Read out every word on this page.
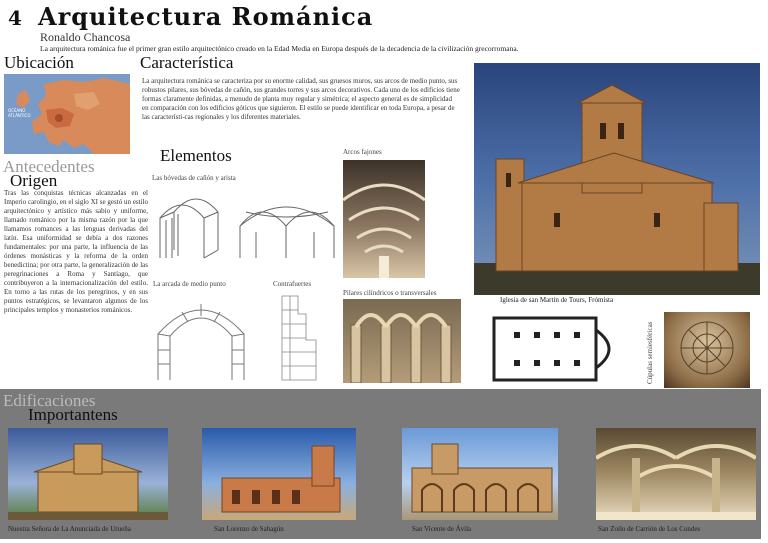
4 Arquitectura Románica
Ronaldo Chancosa
La arquitectura románica fue el primer gran estilo arquitectónico creado en la Edad Media en Europa después de la decadencia de la civilización grecorromana.
Ubicación
OCÉANO ATLÁNTICO
Característica
La arquitectura románica se caracteriza por su enorme calidad, sus gruesos muros, sus arcos de medio punto, sus robustos pilares, sus bóvedas de cañón, sus grandes torres y sus arcos decorativos. Cada uno de los edificios tiene formas claramente definidas, a menudo de planta muy regular y simétrica; el aspecto general es de simplicidad en comparación con los edificios góticos que siguieron. El estilo se puede identificar en toda Europa, a pesar de las característi-cas regionales y los diferentes materiales.
Antecedentes
Origen
Tras las conquistas técnicas alcanzadas en el Imperio carolingio, en el siglo XI se gestó un estilo arquitectónico y artístico más sabio y uniforme, llamado románico por la misma razón por la que llamamos romances a las lenguas derivadas del latín. Esa uniformidad se debía a dos razones fundamentales: por una parte, la influencia de las órdenes monásticas y la reforma de la orden benedictina; por otra parte, la generalización de las peregrinaciones a Roma y Santiago, que contribuyeron a la internacionalización del estilo. En torno a las rutas de los peregrinos, y en sus puntos estratégicos, se levantaron algunos de los principales templos y monasterios románicos.
Elementos
Las bóvedas de cañón y arista
La arcada de medio punto	Contrafuertes
Arcos fajones
Pilares cilíndricos o transversales
Iglesia de san Martín de Tours, Frómista
Cúpulas semiesféricas
Edificaciones
Importantens
Nuestra Señora de La Anunciada de Urueña	San Lorenzo de Sahagún	San Vicente de Ávila	San Zoilo de Carrión de Los Condes
